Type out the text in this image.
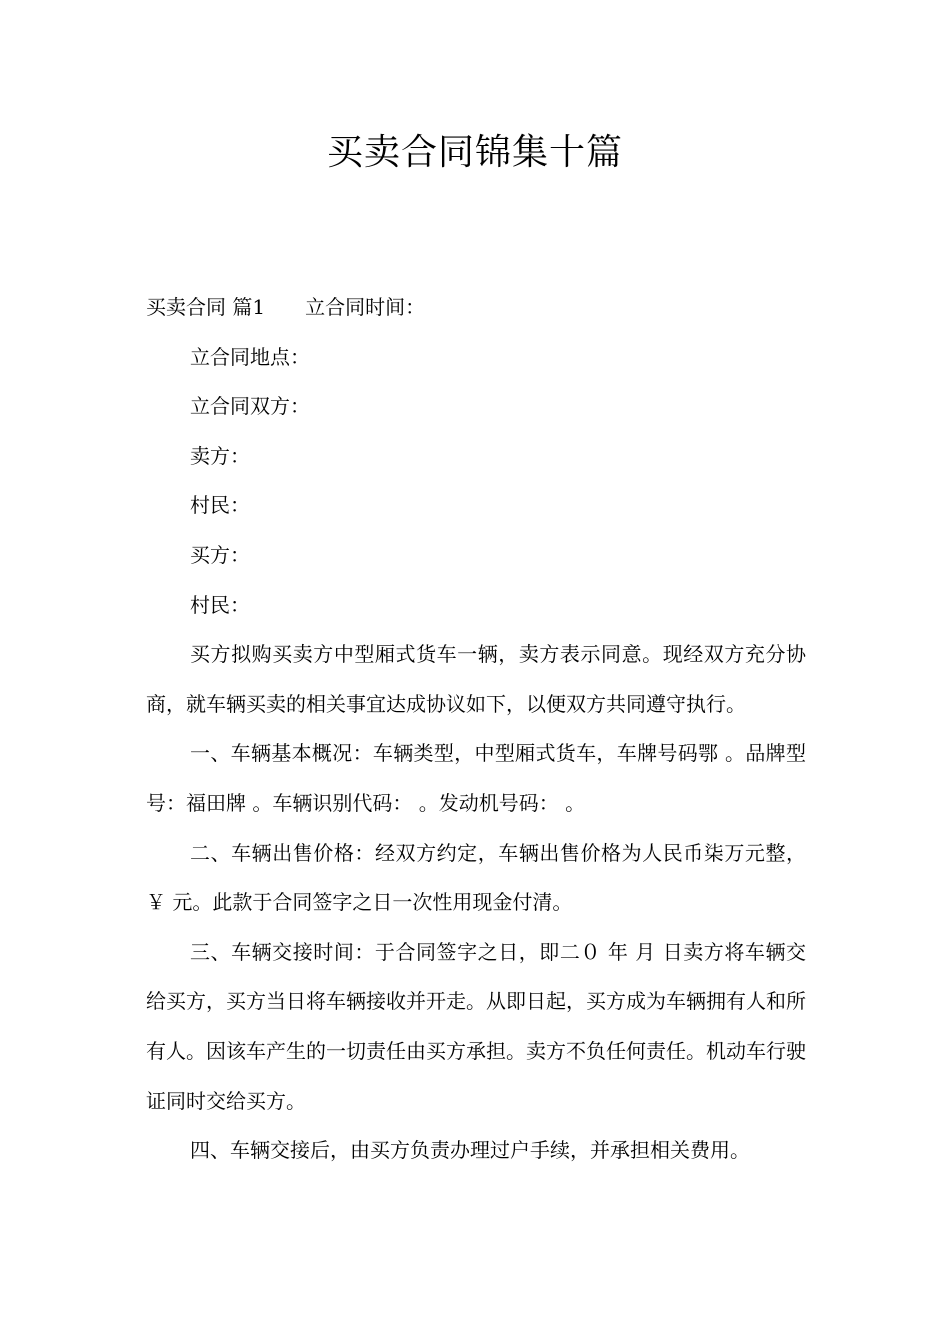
买卖合同锦集十篇

买卖合同 篇1 立合同时间：

立合同地点：

立合同双方：

卖方：

村民：

买方：

村民：

买方拟购买卖方中型厢式货车一辆，卖方表示同意。现经双方充分协商，就车辆买卖的相关事宜达成协议如下，以便双方共同遵守执行。

一、车辆基本概况：车辆类型，中型厢式货车，车牌号码鄂 。品牌型号：福田牌 。车辆识别代码： 。发动机号码： 。

二、车辆出售价格：经双方约定，车辆出售价格为人民币柒万元整，￥ 元。此款于合同签字之日一次性用现金付清。

三、车辆交接时间：于合同签字之日，即二０ 年 月 日卖方将车辆交给买方，买方当日将车辆接收并开走。从即日起，买方成为车辆拥有人和所有人。因该车产生的一切责任由买方承担。卖方不负任何责任。机动车行驶证同时交给买方。

四、车辆交接后，由买方负责办理过户手续，并承担相关费用。
